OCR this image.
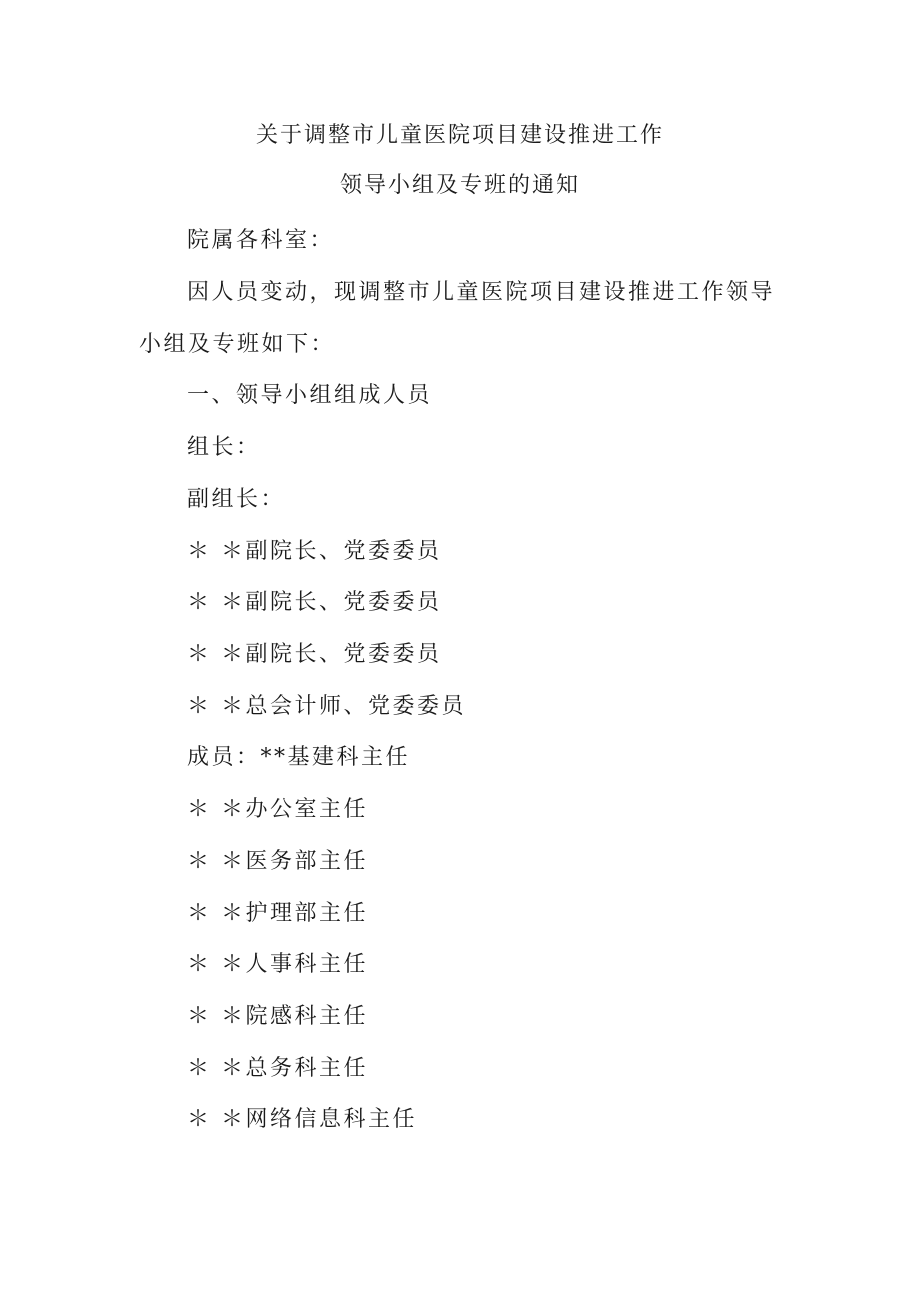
关于调整市儿童医院项目建设推进工作
领导小组及专班的通知
院属各科室：
因人员变动，现调整市儿童医院项目建设推进工作领导
小组及专班如下：
一、领导小组组成人员
组长：
副组长：
＊ ＊副院长、党委委员
＊ ＊副院长、党委委员
＊ ＊副院长、党委委员
＊ ＊总会计师、党委委员
成员：**基建科主任
＊ ＊办公室主任
＊ ＊医务部主任
＊ ＊护理部主任
＊ ＊人事科主任
＊ ＊院感科主任
＊ ＊总务科主任
＊ ＊网络信息科主任
